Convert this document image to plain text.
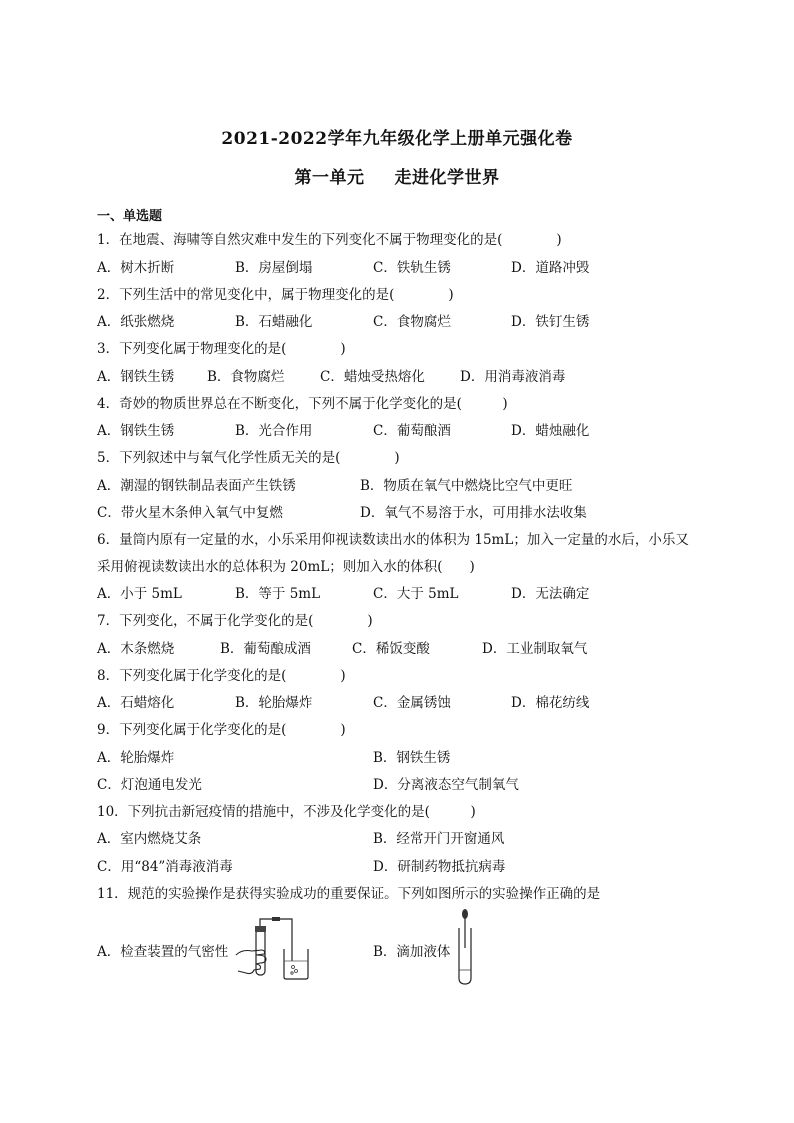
2021-2022学年九年级化学上册单元强化卷
第一单元 走进化学世界
一、单选题
1．在地震、海啸等自然灾难中发生的下列变化不属于物理变化的是(　　　　)
A．树木折断	B．房屋倒塌	C．铁轨生锈	D．道路冲毁
2．下列生活中的常见变化中，属于物理变化的是(　　　　)
A．纸张燃烧	B．石蜡融化	C．食物腐烂	D．铁钉生锈
3．下列变化属于物理变化的是(　　　　)
A．钢铁生锈 B．食物腐烂	C．蜡烛受热熔化	D．用消毒液消毒
4．奇妙的物质世界总在不断变化，下列不属于化学变化的是(　　　)
A．钢铁生锈	B．光合作用	C．葡萄酿酒	D．蜡烛融化
5．下列叙述中与氧气化学性质无关的是(　　　　)
A．潮湿的钢铁制品表面产生铁锈	B．物质在氧气中燃烧比空气中更旺
C．带火星木条伸入氧气中复燃	D．氧气不易溶于水，可用排水法收集
6．量筒内原有一定量的水，小乐采用仰视读数读出水的体积为 15mL；加入一定量的水后，小乐又
采用俯视读数读出水的总体积为 20mL；则加入水的体积(　　)
A．小于 5mL	B．等于 5mL	C．大于 5mL	D．无法确定
7．下列变化，不属于化学变化的是(　　　　)
A．木条燃烧	B．葡萄酿成酒	C．稀饭变酸	D．工业制取氧气
8．下列变化属于化学变化的是(　　　　)
A．石蜡熔化	B．轮胎爆炸	C．金属锈蚀	D．棉花纺线
9．下列变化属于化学变化的是(　　　　)
A．轮胎爆炸	B．钢铁生锈
C．灯泡通电发光	D．分离液态空气制氧气
10．下列抗击新冠疫情的措施中，不涉及化学变化的是(　　　)
A．室内燃烧艾条	B．经常开门开窗通风
C．用“84”消毒液消毒	D．研制药物抵抗病毒
11．规范的实验操作是获得实验成功的重要保证。下列如图所示的实验操作正确的是
A．检查装置的气密性	B．滴加液体
